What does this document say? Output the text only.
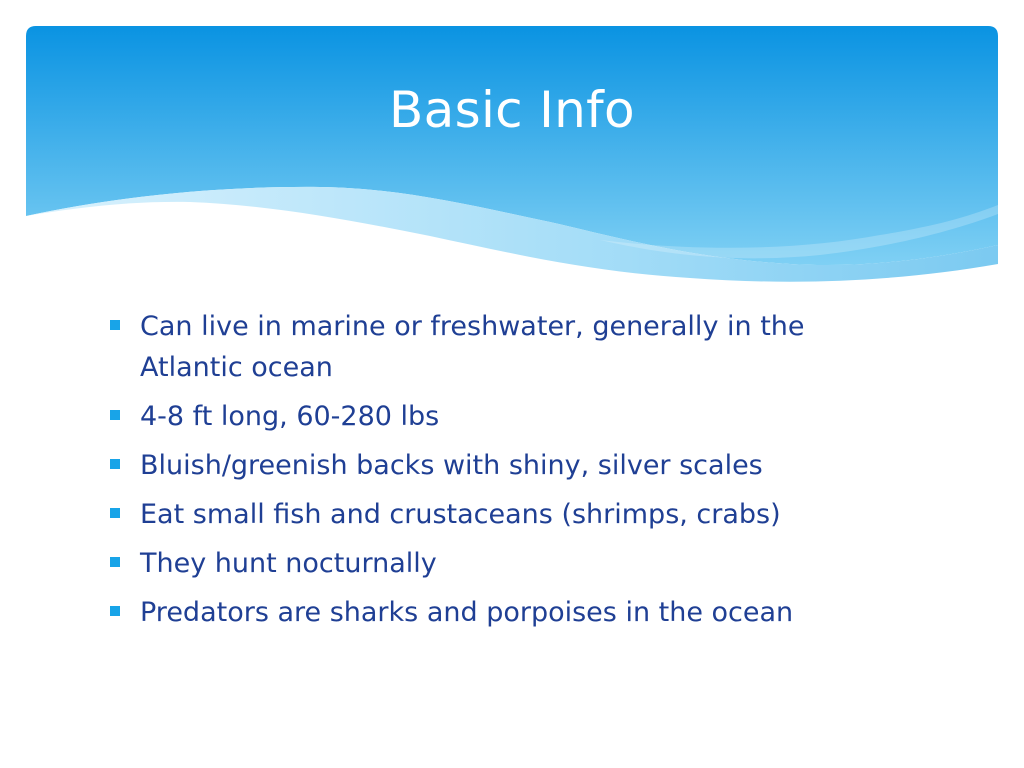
Basic Info
Can live in marine or freshwater, generally in the Atlantic ocean
4-8 ft long, 60-280 lbs
Bluish/greenish backs with shiny, silver scales
Eat small fish and crustaceans (shrimps, crabs)
They hunt nocturnally
Predators are sharks and porpoises in the ocean
